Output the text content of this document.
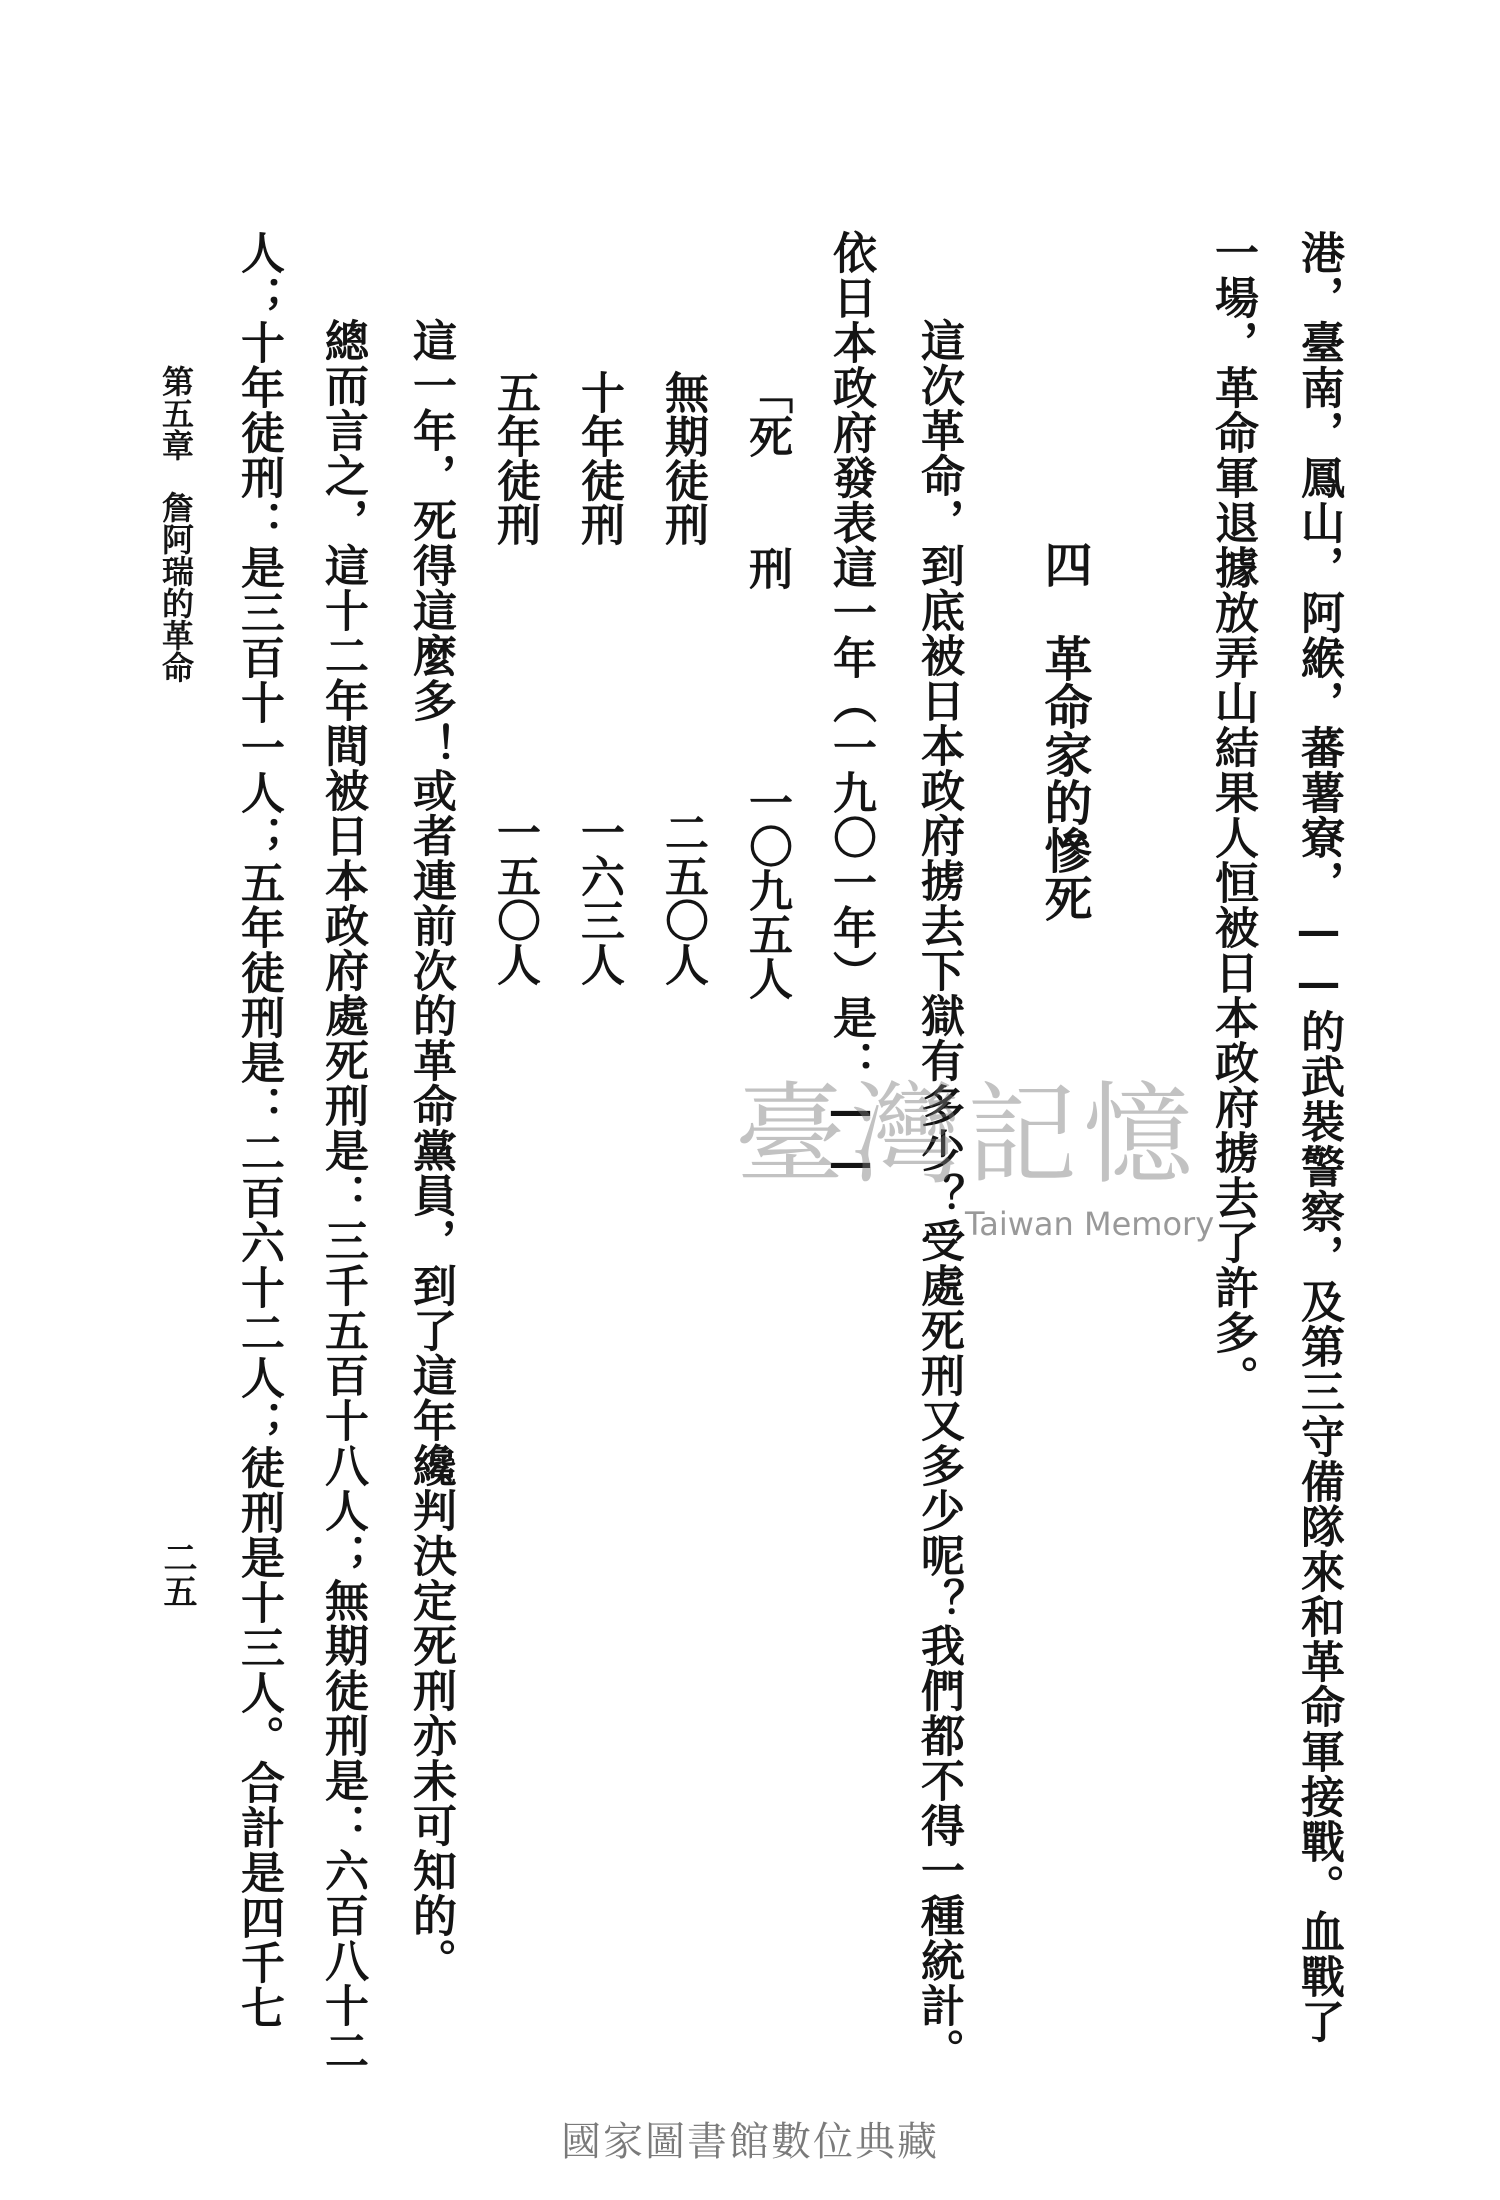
港，臺南，鳳山，阿緱，蕃薯寮，——的武裝警察，及第三守備隊來和革命軍接戰。血戰了
一場，革命軍退據放弄山結果人恒被日本政府掳去了許多。
四革命家的慘死
這次革命，到底被日本政府掳去下獄有多少？受處死刑又多少呢？我們都不得一種統計。
依日本政府發表這一年（一九〇一年）是：——
「死　　刑
一〇九五人
無期徒刑
二五〇人
十年徒刑
一六三人
五年徒刑
一五〇人
這一年，死得這麼多！或者連前次的革命黨員，到了這年纔判決定死刑亦未可知的。
總而言之，這十二年間被日本政府處死刑是：三千五百十八人；無期徒刑是：六百八十二
人；十年徒刑：是三百十一人；五年徒刑是：二百六十二人；徒刑是十三人。合計是四千七
第五章詹阿瑞的革命
二五
臺灣記憶
Taiwan Memory
國家圖書館數位典藏
